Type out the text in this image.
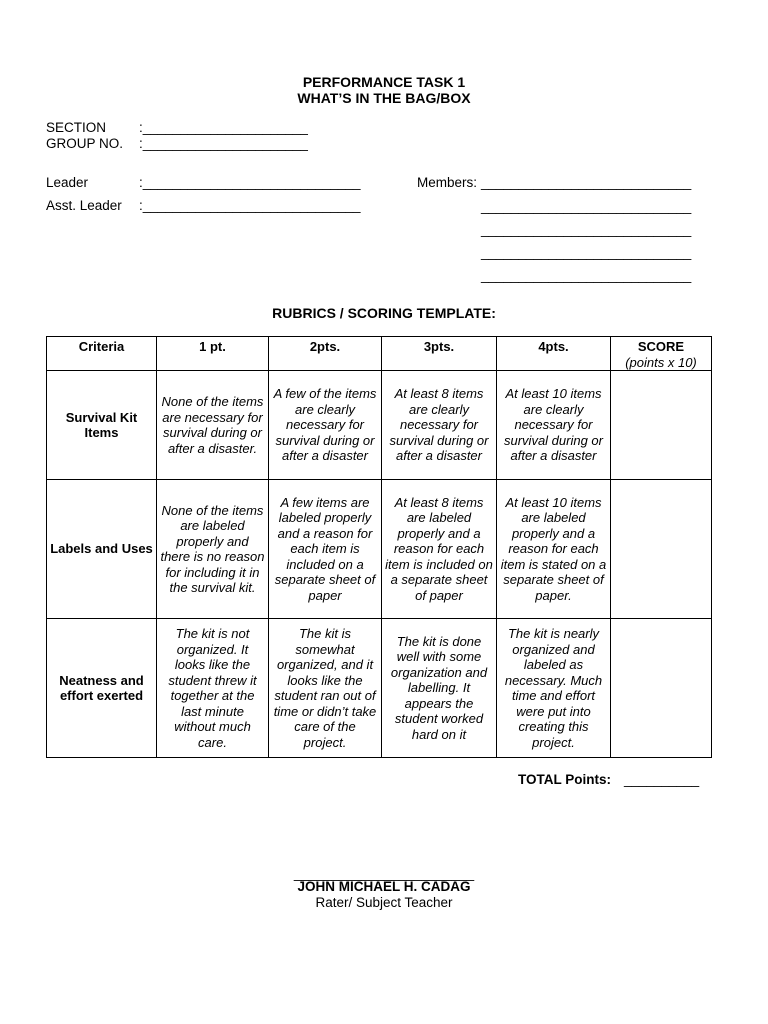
PERFORMANCE TASK 1
WHAT’S IN THE BAG/BOX
SECTION :______________________
GROUP NO. :______________________
Leader	:_____________________________
Asst. Leader :_____________________________
Members: ____________________________
____________________________
____________________________
____________________________
____________________________
RUBRICS / SCORING TEMPLATE:
Criteria	1 pt.	2pts.	3pts.	4pts.	SCORE
(points x 10)

Survival Kit Items	None of the items are necessary for survival during or after a disaster.	A few of the items are clearly necessary for survival during or after a disaster	At least 8 items are clearly necessary for survival during or after a disaster	At least 10 items are clearly necessary for survival during or after a disaster	
Labels and Uses	None of the items are labeled properly and there is no reason for including it in the survival kit.	A few items are labeled properly and a reason for each item is included on a separate sheet of paper	At least 8 items are labeled properly and a reason for each item is included on a separate sheet of paper	At least 10 items are labeled properly and a reason for each item is stated on a separate sheet of paper.	
Neatness and effort exerted	The kit is not organized. It looks like the student threw it together at the last minute without much care.	The kit is somewhat organized, and it looks like the student ran out of time or didn’t take care of the project.	The kit is done well with some organization and labelling. It appears the student worked hard on it	The kit is nearly organized and labeled as necessary. Much time and effort were put into creating this project.	
TOTAL Points: __________
________________________
JOHN MICHAEL H. CADAG
Rater/ Subject Teacher
